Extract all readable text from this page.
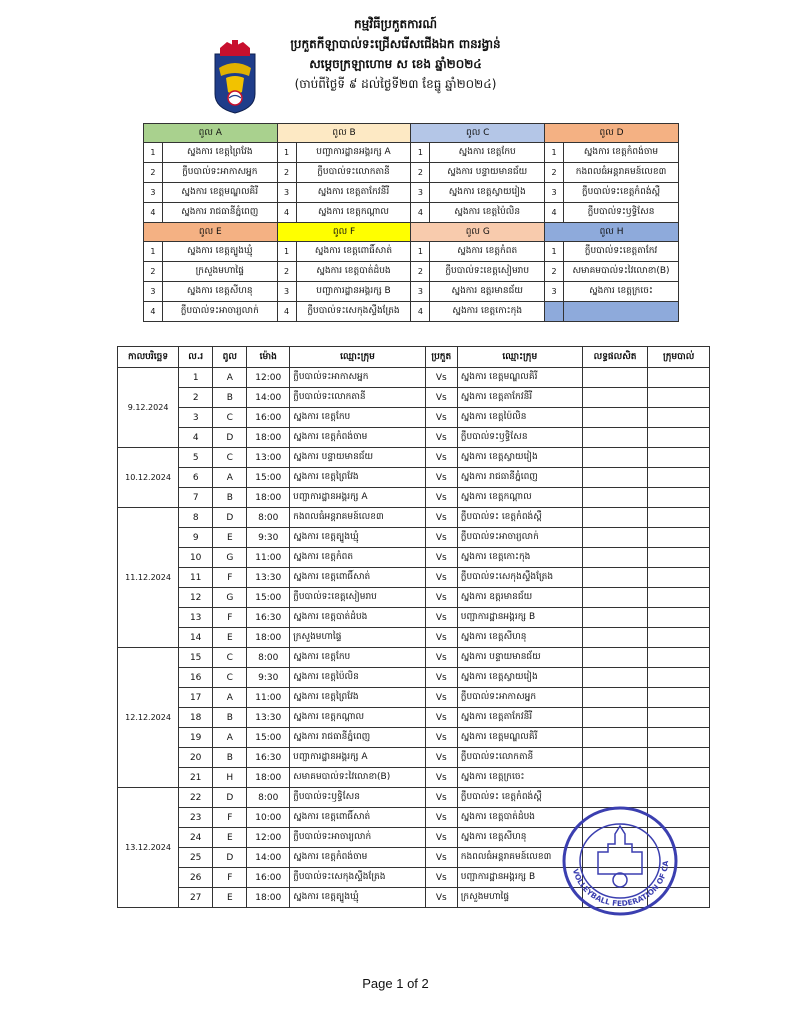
កម្មវិធីប្រកួតការណ៍
ប្រកួតកីឡាបាល់ទះជ្រើសរើសជើងឯក ពានរង្វាន់
សម្តេចក្រឡាហោម ស ខេង ឆ្នាំ២០២៤
(ចាប់ពីថ្ងៃទី ៩ ដល់ថ្ងៃទី២៣ ខែធ្នូ ឆ្នាំ២០២៤)
ពូល A		ពូល B		ពូល C		ពូល D	
1	ស្នងការ ខេត្តព្រៃវែង	1	បញ្ជាការដ្ឋានអង្គរក្ស A	1	ស្នងការ ខេត្តកែប	1	ស្នងការ ខេត្តកំពង់ចាម
2	ក្លឹបបាល់ទះអាកាសអ្នក	2	ក្លឹបបាល់ទះលោកតានី	2	ស្នងការ បន្ទាយមានជ័យ	2	កងពលធំអន្តរាគមន៍លេខ៣
3	ស្នងការ ខេត្តមណ្ឌលគិរី	3	ស្នងការ ខេត្តតាកែវនីរី	3	ស្នងការ ខេត្តស្វាយរៀង	3	ក្លឹបបាល់ទះខេត្តកំពង់ស្ពឺ
4	ស្នងការ រាជធានីភ្នំពេញ	4	ស្នងការ ខេត្តកណ្តាល	4	ស្នងការ ខេត្តប៉ៃលិន	4	ក្លឹបបាល់ទះឫទ្ធិសែន
ពូល E		ពូល F		ពូល G		ពូល H	
1	ស្នងការ ខេត្តត្បូងឃ្មុំ	1	ស្នងការ ខេត្តពោធិ៍សាត់	1	ស្នងការ ខេត្តកំពត	1	ក្លឹបបាល់ទះខេត្តតាកែវ
2	ក្រសួងមហាផ្ទៃ	2	ស្នងការ ខេត្តបាត់ដំបង	2	ក្លឹបបាល់ទះខេត្តសៀមរាប	2	សមាគមបាល់ទះវៃលោខា(B)
3	ស្នងការ ខេត្តសីហនុ	3	បញ្ជាការដ្ឋានអង្គរក្ស B	3	ស្នងការ ឧត្តរមានជ័យ	3	ស្នងការ ខេត្តក្រចេះ
4	ក្លឹបបាល់ទះអាចារ្យលាក់	4	ក្លឹបបាល់ទះសេកុងស្ទឹងត្រែង	4	ស្នងការ ខេត្តកោះកុង		
កាលបរិច្ឆេទ	ល.រ	ពូល	ម៉ោង	ឈ្មោះក្រុម	ប្រកួត	ឈ្មោះក្រុម	លទ្ធផលសិត	ក្រុមបាល់
9.12.2024	1	A	12:00	ក្លឹបបាល់ទះអាកាសអ្នក	Vs	ស្នងការ ខេត្តមណ្ឌលគិរី		
	2	B	14:00	ក្លឹបបាល់ទះលោកតានី	Vs	ស្នងការ ខេត្តតាកែវនីរី		
	3	C	16:00	ស្នងការ ខេត្តកែប	Vs	ស្នងការ ខេត្តប៉ៃលិន		
	4	D	18:00	ស្នងការ ខេត្តកំពង់ចាម	Vs	ក្លឹបបាល់ទះឫទ្ធិសែន		
10.12.2024	5	C	13:00	ស្នងការ បន្ទាយមានជ័យ	Vs	ស្នងការ ខេត្តស្វាយរៀង		
	6	A	15:00	ស្នងការ ខេត្តព្រៃវែង	Vs	ស្នងការ រាជធានីភ្នំពេញ		
	7	B	18:00	បញ្ជាការដ្ឋានអង្គរក្ស A	Vs	ស្នងការ ខេត្តកណ្តាល		
11.12.2024	8	D	8:00	កងពលធំអន្តរាគមន៍លេខ៣	Vs	ក្លឹបបាល់ទះ ខេត្តកំពង់ស្ពឺ		
	9	E	9:30	ស្នងការ ខេត្តត្បូងឃ្មុំ	Vs	ក្លឹបបាល់ទះអាចារ្យលាក់		
	10	G	11:00	ស្នងការ ខេត្តកំពត	Vs	ស្នងការ ខេត្តកោះកុង		
	11	F	13:30	ស្នងការ ខេត្តពោធិ៍សាត់	Vs	ក្លឹបបាល់ទះសេកុងស្ទឹងត្រែង		
	12	G	15:00	ក្លឹបបាល់ទះខេត្តសៀមរាប	Vs	ស្នងការ ឧត្តរមានជ័យ		
	13	F	16:30	ស្នងការ ខេត្តបាត់ដំបង	Vs	បញ្ជាការដ្ឋានអង្គរក្ស B		
	14	E	18:00	ក្រសួងមហាផ្ទៃ	Vs	ស្នងការ ខេត្តសីហនុ		
12.12.2024	15	C	8:00	ស្នងការ ខេត្តកែប	Vs	ស្នងការ បន្ទាយមានជ័យ		
	16	C	9:30	ស្នងការ ខេត្តប៉ៃលិន	Vs	ស្នងការ ខេត្តស្វាយរៀង		
	17	A	11:00	ស្នងការ ខេត្តព្រៃវែង	Vs	ក្លឹបបាល់ទះអាកាសអ្នក		
	18	B	13:30	ស្នងការ ខេត្តកណ្តាល	Vs	ស្នងការ ខេត្តតាកែវនីរី		
	19	A	15:00	ស្នងការ រាជធានីភ្នំពេញ	Vs	ស្នងការ ខេត្តមណ្ឌលគិរី		
	20	B	16:30	បញ្ជាការដ្ឋានអង្គរក្ស A	Vs	ក្លឹបបាល់ទះលោកតានី		
	21	H	18:00	សមាគមបាល់ទះវៃលោខា(B)	Vs	ស្នងការ ខេត្តក្រចេះ		
13.12.2024	22	D	8:00	ក្លឹបបាល់ទះឫទ្ធិសែន	Vs	ក្លឹបបាល់ទះ ខេត្តកំពង់ស្ពឺ		
	23	F	10:00	ស្នងការ ខេត្តពោធិ៍សាត់	Vs	ស្នងការ ខេត្តបាត់ដំបង		
	24	E	12:00	ក្លឹបបាល់ទះអាចារ្យលាក់	Vs	ស្នងការ ខេត្តសីហនុ		
	25	D	14:00	ស្នងការ ខេត្តកំពង់ចាម	Vs	កងពលធំអន្តរាគមន៍លេខ៣		
	26	F	16:00	ក្លឹបបាល់ទះសេកុងស្ទឹងត្រែង	Vs	បញ្ជាការដ្ឋានអង្គរក្ស B		
	27	E	18:00	ស្នងការ ខេត្តត្បូងឃ្មុំ	Vs	ក្រសួងមហាផ្ទៃ		
VOLLEYBALL FEDERATION OF CA
Page 1 of 2
